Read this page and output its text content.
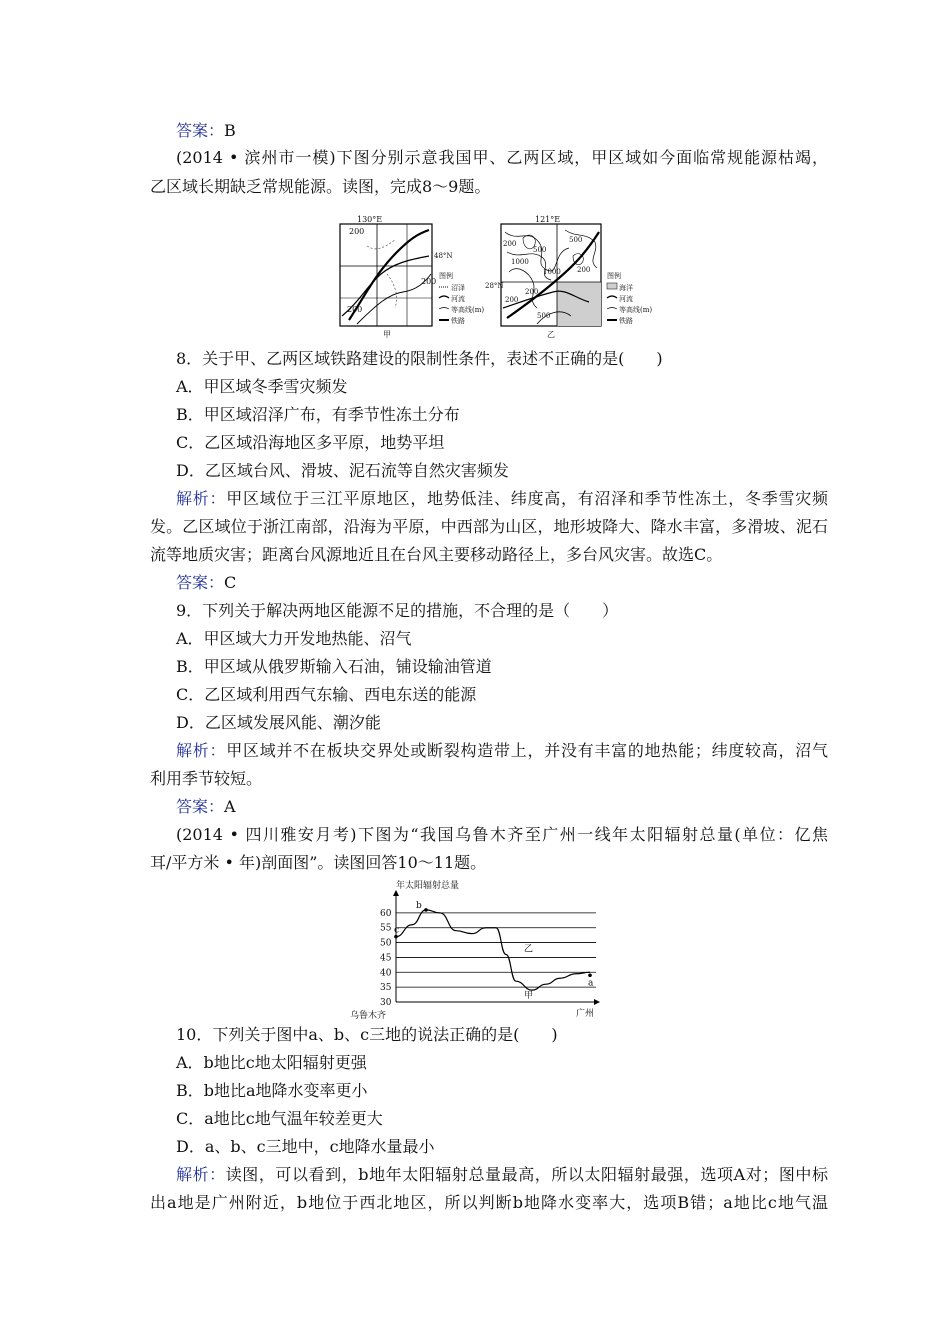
答案：B
(2014 • 滨州市一模)下图分别示意我国甲、乙两区域，甲区域如今面临常规能源枯竭，
乙区域长期缺乏常规能源。读图，完成8～9题。
130°E
200
200
200
48°N
甲
图例
沼泽
河流
等高线(m)
铁路
121°E
200
1000
500
1000
500
200
200
500
200
28°N
乙
图例
海洋
河流
等高线(m)
铁路
8．关于甲、乙两区域铁路建设的限制性条件，表述不正确的是(　　)
A．甲区域冬季雪灾频发
B．甲区域沼泽广布，有季节性冻土分布
C．乙区域沿海地区多平原，地势平坦
D．乙区域台风、滑坡、泥石流等自然灾害频发
解析：甲区域位于三江平原地区，地势低洼、纬度高，有沼泽和季节性冻土，冬季雪灾频
发。乙区域位于浙江南部，沿海为平原，中西部为山区，地形坡降大、降水丰富，多滑坡、泥石
流等地质灾害；距离台风源地近且在台风主要移动路径上，多台风灾害。故选C。
答案：C
9．下列关于解决两地区能源不足的措施，不合理的是（　　）
A．甲区域大力开发地热能、沼气
B．甲区域从俄罗斯输入石油，铺设输油管道
C．乙区域利用西气东输、西电东送的能源
D．乙区域发展风能、潮汐能
解析：甲区域并不在板块交界处或断裂构造带上，并没有丰富的地热能；纬度较高，沼气
利用季节较短。
答案：A
(2014 • 四川雅安月考)下图为“我国乌鲁木齐至广州一线年太阳辐射总量(单位：亿焦
耳/平方米 • 年)剖面图”。读图回答10～11题。
年太阳辐射总量
30
35
40
45
50
55
60
c
b
乙
甲
a
乌鲁木齐	广州
10．下列关于图中a、b、c三地的说法正确的是(　　)
A．b地比c地太阳辐射更强
B．b地比a地降水变率更小
C．a地比c地气温年较差更大
D．a、b、c三地中，c地降水量最小
解析：读图，可以看到，b地年太阳辐射总量最高，所以太阳辐射最强，选项A对；图中标
出a地是广州附近，b地位于西北地区，所以判断b地降水变率大，选项B错；a地比c地气温
